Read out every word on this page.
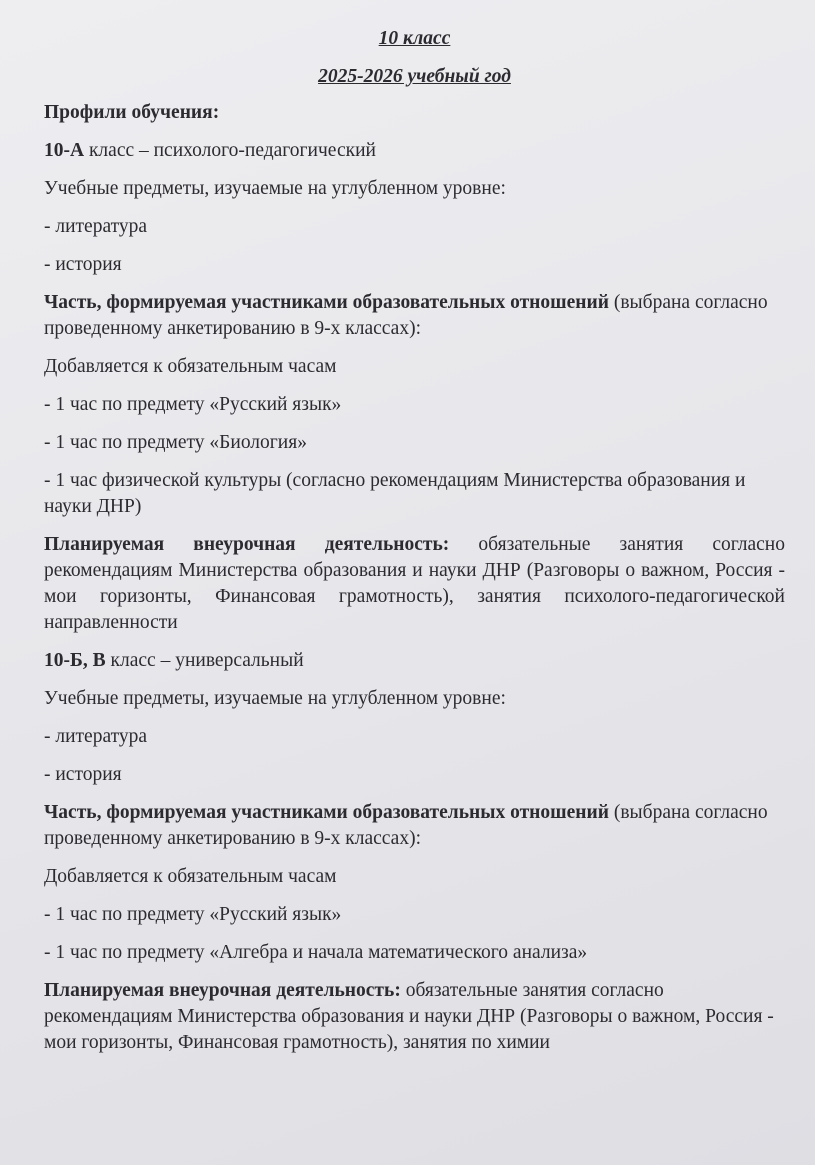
10 класс

2025-2026 учебный год

Профили обучения:

10-А класс – психолого-педагогический

Учебные предметы, изучаемые на углубленном уровне:

- литература

- история

Часть, формируемая участниками образовательных отношений (выбрана согласно проведенному анкетированию в 9-х классах):

Добавляется к обязательным часам

- 1 час по предмету «Русский язык»

- 1 час по предмету «Биология»

- 1 час физической культуры (согласно рекомендациям Министерства образования и науки ДНР)

Планируемая внеурочная деятельность: обязательные занятия согласно рекомендациям Министерства образования и науки ДНР (Разговоры о важном, Россия - мои горизонты, Финансовая грамотность), занятия психолого-педагогической направленности

10-Б, В класс – универсальный

Учебные предметы, изучаемые на углубленном уровне:

- литература

- история

Часть, формируемая участниками образовательных отношений (выбрана согласно проведенному анкетированию в 9-х классах):

Добавляется к обязательным часам

- 1 час по предмету «Русский язык»

- 1 час по предмету «Алгебра и начала математического анализа»

Планируемая внеурочная деятельность: обязательные занятия согласно рекомендациям Министерства образования и науки ДНР (Разговоры о важном, Россия - мои горизонты, Финансовая грамотность), занятия по химии
